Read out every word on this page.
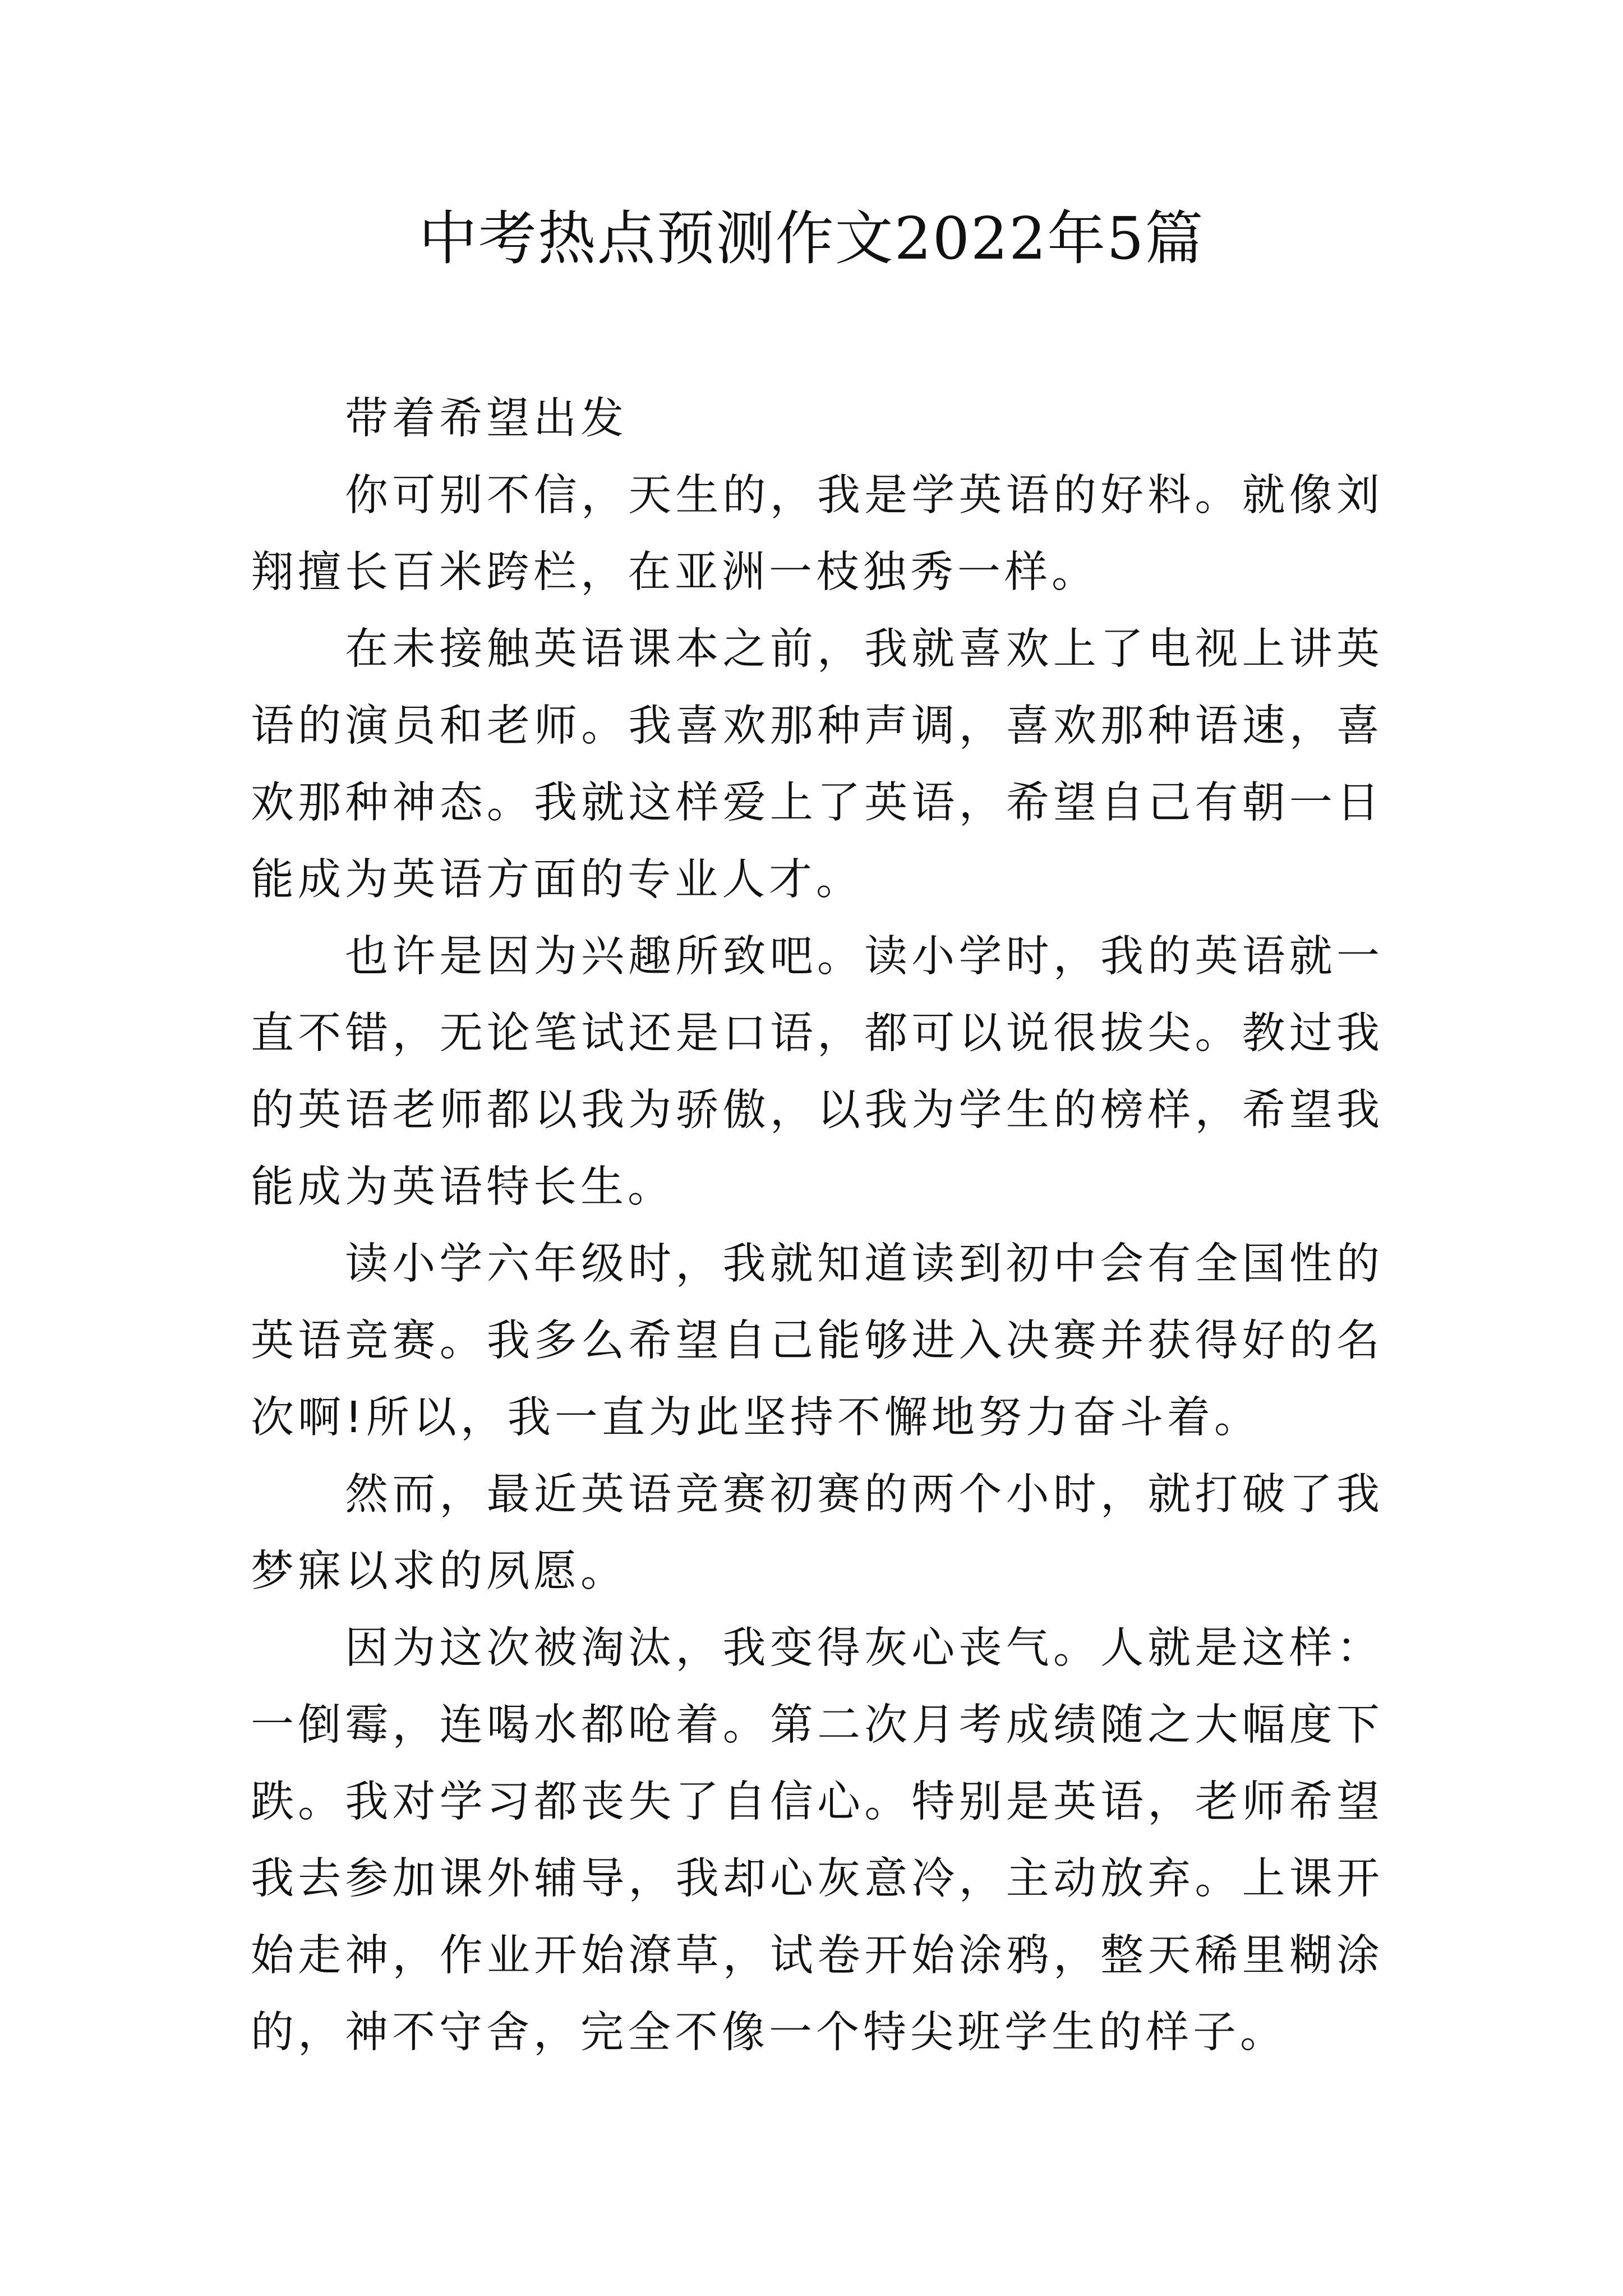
中考热点预测作文2022年5篇

带着希望出发

你可别不信，天生的，我是学英语的好料。就像刘翔擅长百米跨栏，在亚洲一枝独秀一样。

在未接触英语课本之前，我就喜欢上了电视上讲英语的演员和老师。我喜欢那种声调，喜欢那种语速，喜欢那种神态。我就这样爱上了英语，希望自己有朝一日能成为英语方面的专业人才。

也许是因为兴趣所致吧。读小学时，我的英语就一直不错，无论笔试还是口语，都可以说很拔尖。教过我的英语老师都以我为骄傲，以我为学生的榜样，希望我能成为英语特长生。

读小学六年级时，我就知道读到初中会有全国性的英语竞赛。我多么希望自己能够进入决赛并获得好的名次啊!所以，我一直为此坚持不懈地努力奋斗着。

然而，最近英语竞赛初赛的两个小时，就打破了我梦寐以求的夙愿。

因为这次被淘汰，我变得灰心丧气。人就是这样：一倒霉，连喝水都呛着。第二次月考成绩随之大幅度下跌。我对学习都丧失了自信心。特别是英语，老师希望我去参加课外辅导，我却心灰意冷，主动放弃。上课开始走神，作业开始潦草，试卷开始涂鸦，整天稀里糊涂的，神不守舍，完全不像一个特尖班学生的样子。
